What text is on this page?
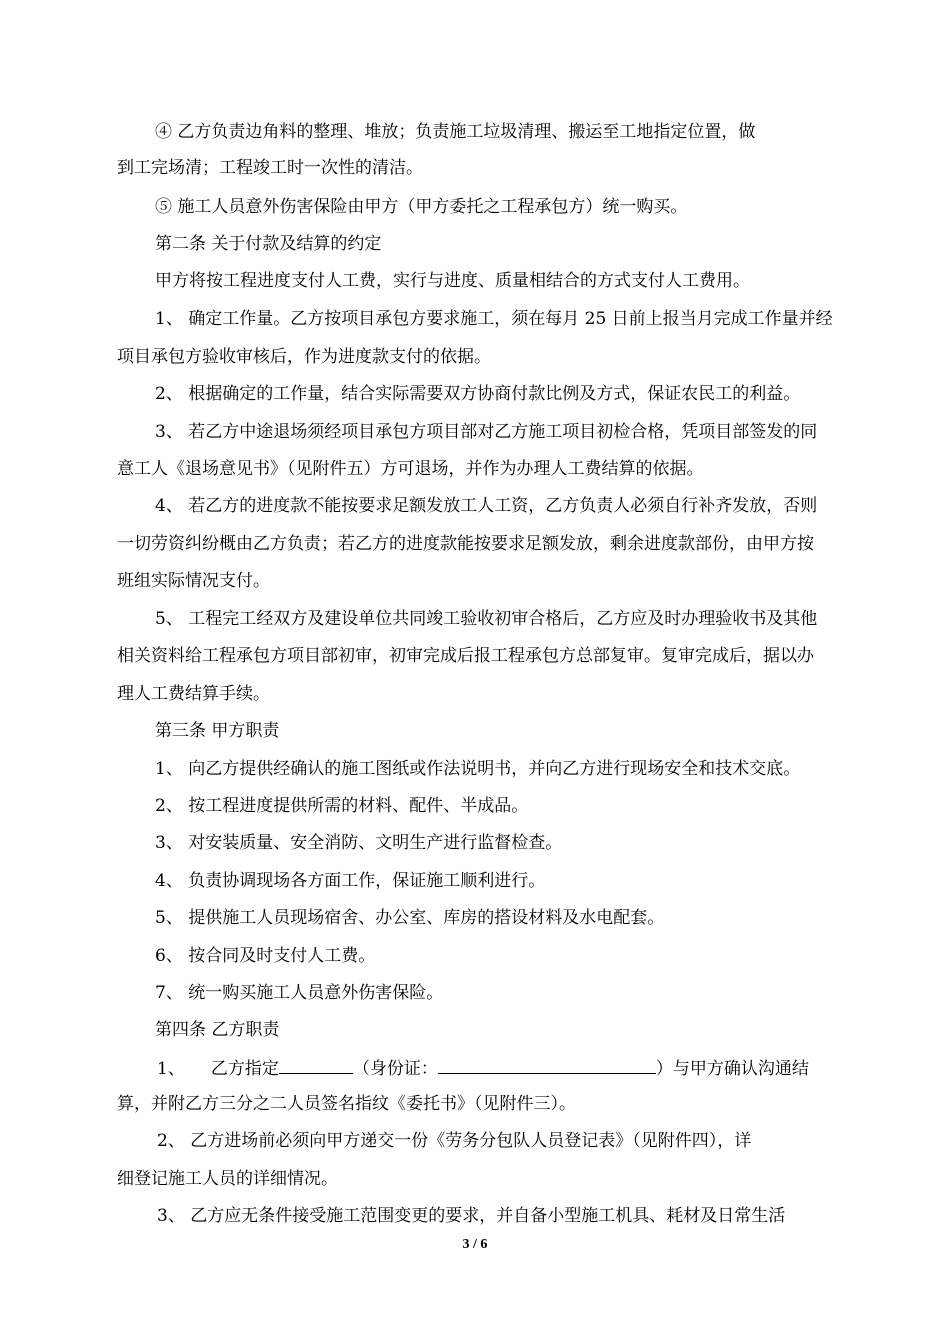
④ 乙方负责边角料的整理、堆放；负责施工垃圾清理、搬运至工地指定位置，做
到工完场清；工程竣工时一次性的清洁。
⑤ 施工人员意外伤害保险由甲方（甲方委托之工程承包方）统一购买。
第二条 关于付款及结算的约定
甲方将按工程进度支付人工费，实行与进度、质量相结合的方式支付人工费用。
1、 确定工作量。乙方按项目承包方要求施工，须在每月 25 日前上报当月完成工作量并经
项目承包方验收审核后，作为进度款支付的依据。
2、 根据确定的工作量，结合实际需要双方协商付款比例及方式，保证农民工的利益。
3、 若乙方中途退场须经项目承包方项目部对乙方施工项目初检合格，凭项目部签发的同
意工人《退场意见书》（见附件五）方可退场，并作为办理人工费结算的依据。
4、 若乙方的进度款不能按要求足额发放工人工资，乙方负责人必须自行补齐发放，否则
一切劳资纠纷概由乙方负责；若乙方的进度款能按要求足额发放，剩余进度款部份，由甲方按
班组实际情况支付。
5、 工程完工经双方及建设单位共同竣工验收初审合格后，乙方应及时办理验收书及其他
相关资料给工程承包方项目部初审，初审完成后报工程承包方总部复审。复审完成后，据以办
理人工费结算手续。
第三条 甲方职责
1、 向乙方提供经确认的施工图纸或作法说明书，并向乙方进行现场安全和技术交底。
2、 按工程进度提供所需的材料、配件、半成品。
3、 对安装质量、安全消防、文明生产进行监督检查。
4、 负责协调现场各方面工作，保证施工顺利进行。
5、 提供施工人员现场宿舍、办公室、库房的搭设材料及水电配套。
6、 按合同及时支付人工费。
7、 统一购买施工人员意外伤害保险。
第四条 乙方职责
1、 乙方指定	（身份证：	）与甲方确认沟通结
算，并附乙方三分之二人员签名指纹《委托书》（见附件三）。
2、 乙方进场前必须向甲方递交一份《劳务分包队人员登记表》（见附件四），详
细登记施工人员的详细情况。
3、 乙方应无条件接受施工范围变更的要求，并自备小型施工机具、耗材及日常生活
3 / 6
